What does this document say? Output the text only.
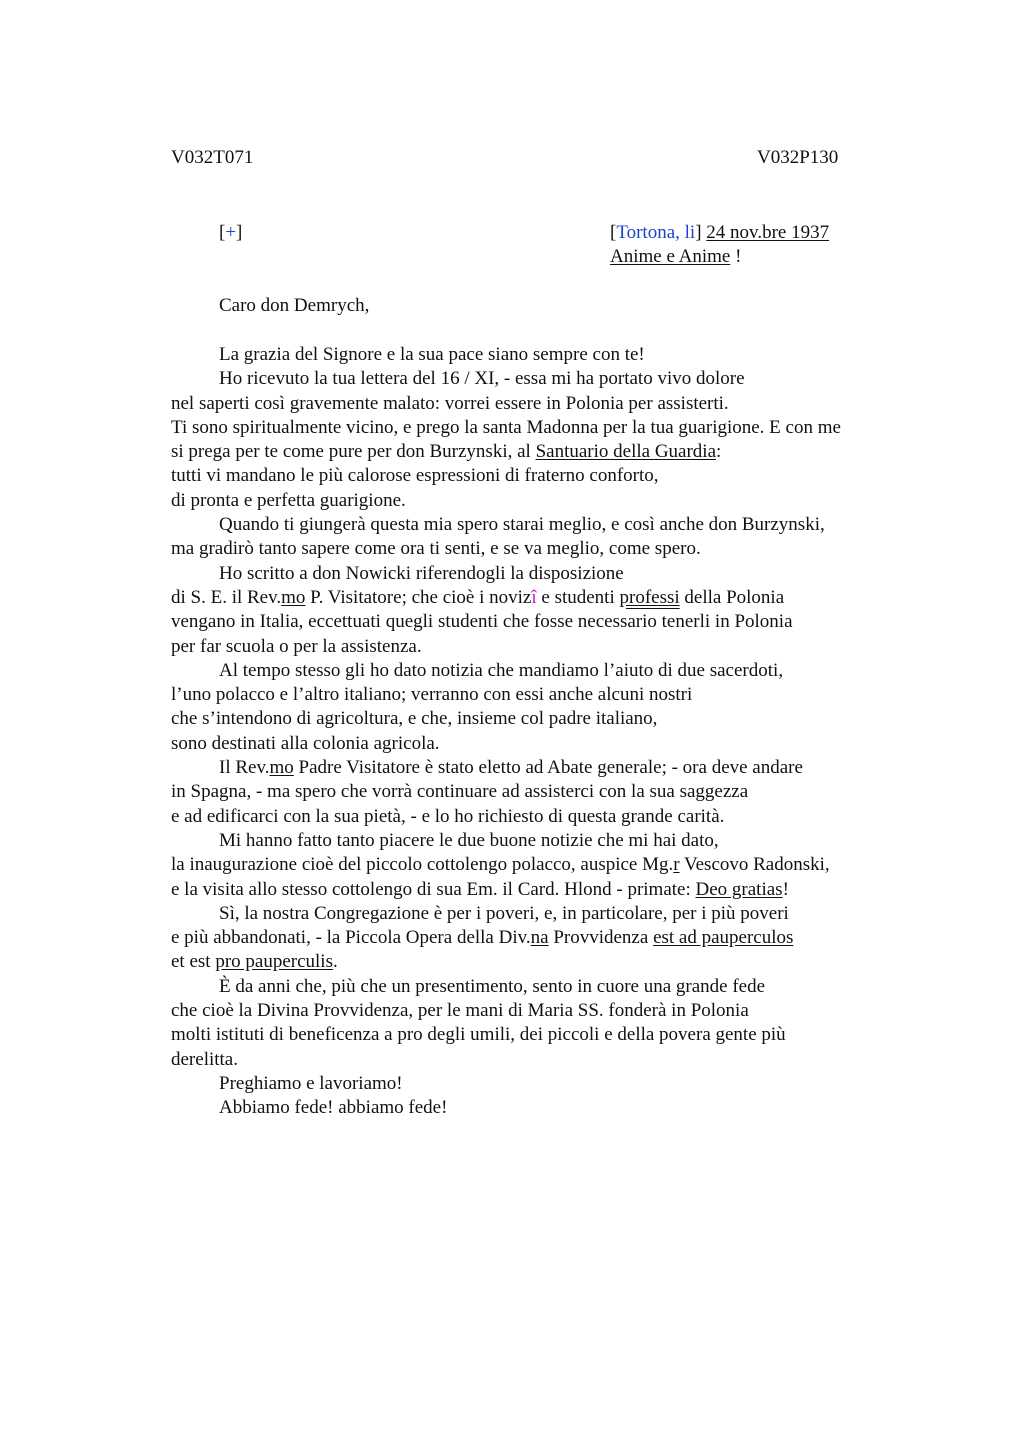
V032T071	V032P130
[+]	[Tortona, li] 24 nov.bre 1937
Anime e Anime !
Caro don Demrych,
La grazia del Signore e la sua pace siano sempre con te!
Ho ricevuto la tua lettera del 16 / XI, - essa mi ha portato vivo dolore
nel saperti così gravemente malato: vorrei essere in Polonia per assisterti.
Ti sono spiritualmente vicino, e prego la santa Madonna per la tua guarigione. E con me
si prega per te come pure per don Burzynski, al Santuario della Guardia:
tutti vi mandano le più calorose espressioni di fraterno conforto,
di pronta e perfetta guarigione.
Quando ti giungerà questa mia spero starai meglio, e così anche don Burzynski,
ma gradirò tanto sapere come ora ti senti, e se va meglio, come spero.
Ho scritto a don Nowicki riferendogli la disposizione
di S. E. il Rev.mo P. Visitatore; che cioè i novizî e studenti professi della Polonia
vengano in Italia, eccettuati quegli studenti che fosse necessario tenerli in Polonia
per far scuola o per la assistenza.
Al tempo stesso gli ho dato notizia che mandiamo l’aiuto di due sacerdoti,
l’uno polacco e l’altro italiano; verranno con essi anche alcuni nostri
che s’intendono di agricoltura, e che, insieme col padre italiano,
sono destinati alla colonia agricola.
Il Rev.mo Padre Visitatore è stato eletto ad Abate generale; - ora deve andare
in Spagna, - ma spero che vorrà continuare ad assisterci con la sua saggezza
e ad edificarci con la sua pietà, - e lo ho richiesto di questa grande carità.
Mi hanno fatto tanto piacere le due buone notizie che mi hai dato,
la inaugurazione cioè del piccolo cottolengo polacco, auspice Mg.r Vescovo Radonski,
e la visita allo stesso cottolengo di sua Em. il Card. Hlond - primate: Deo gratias!
Sì, la nostra Congregazione è per i poveri, e, in particolare, per i più poveri
e più abbandonati, - la Piccola Opera della Div.na Provvidenza est ad pauperculos
et est pro pauperculis.
È da anni che, più che un presentimento, sento in cuore una grande fede
che cioè la Divina Provvidenza, per le mani di Maria SS. fonderà in Polonia
molti istituti di beneficenza a pro degli umili, dei piccoli e della povera gente più
derelitta.
Preghiamo e lavoriamo!
Abbiamo fede! abbiamo fede!
